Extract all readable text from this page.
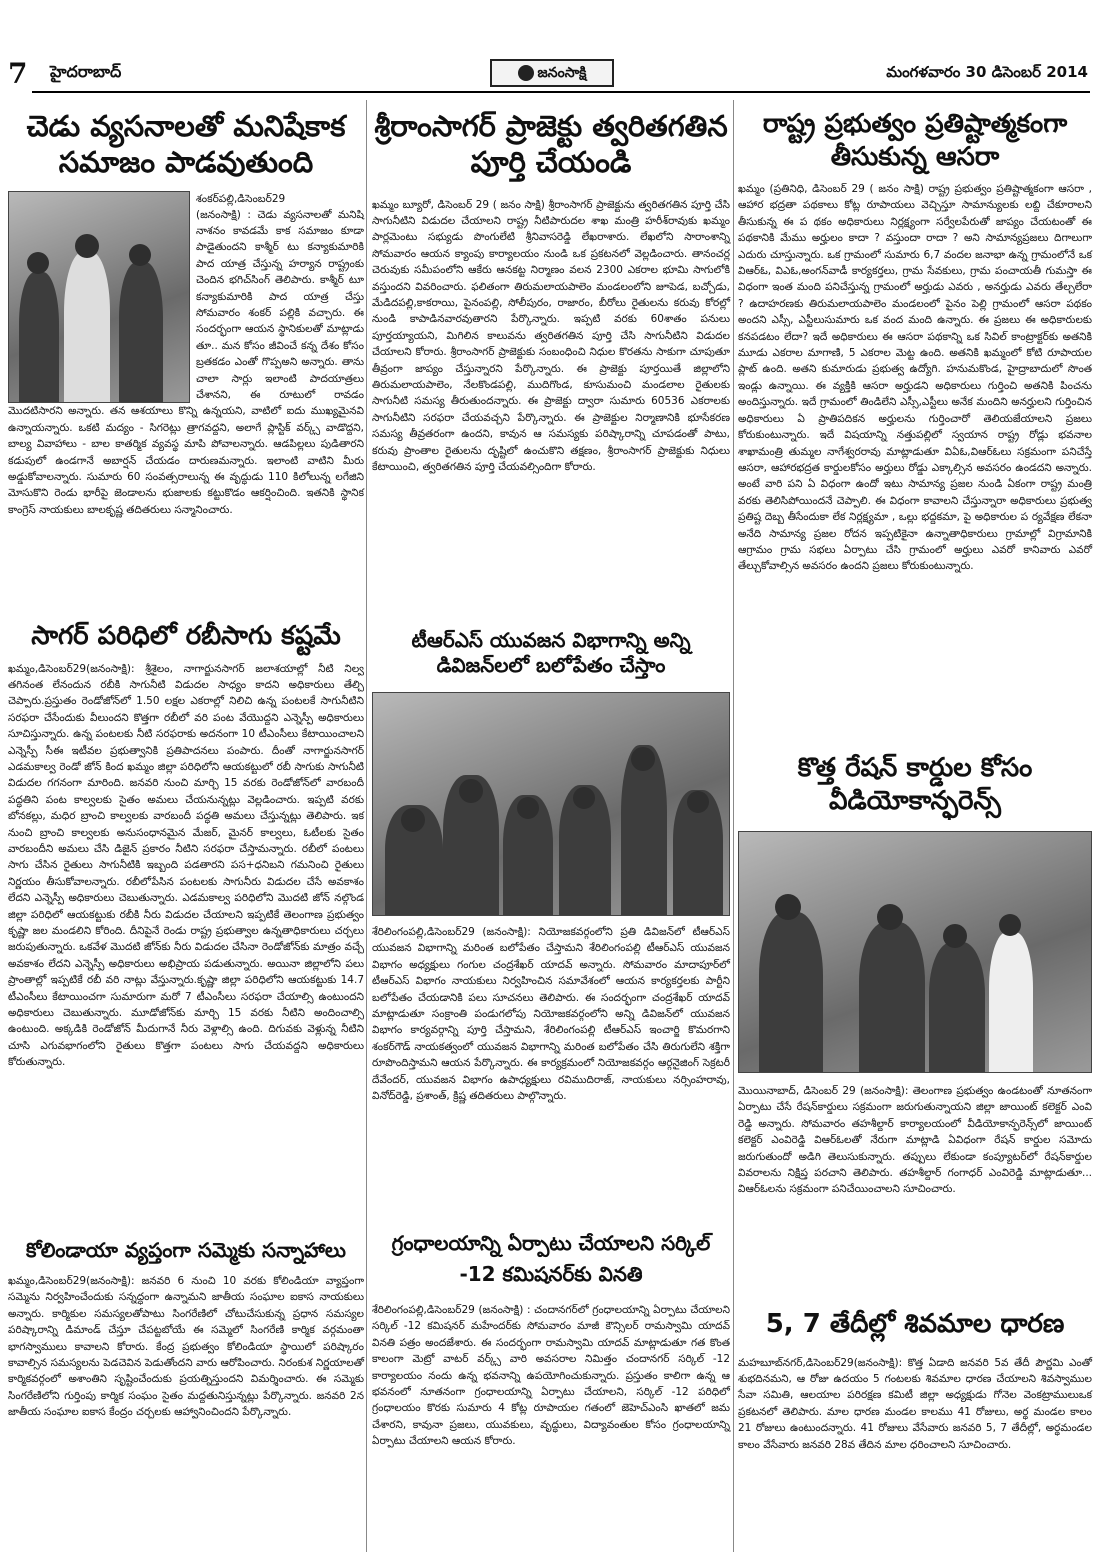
7 హైదరాబాద్	జనంసాక్షి	మంగళవారం 30 డిసెంబర్ 2014
చెడు వ్యసనాలతో మనిషేకాక సమాజం పాడవుతుంది

శంకర్‌పల్లి,డిసెంబర్29

(జనంసాక్షి) : చెడు వ్యసనాలతో మనిషి నాశనం కావడమే కాక సమాజం కూడా పాడైతుందని కాశ్మీర్ టు కన్యాకుమారికి పాద యాత్ర చేస్తున్న హర్యాన రాష్ట్రంకు చెందిన భగిచ్‌సింగ్ తెలిపారు. కాశ్మీర్ టూ కన్యాకుమారికి పాద యాత్ర చేస్తు సోమవారం శంకర్ పల్లికి వచ్చారు. ఈ సందర్భంగా ఆయన స్థానికులతో మాట్లాడు తూ.. మన కోసం జీవించే కన్న దేశం కోసం బ్రతకడం ఎంతో గొప్పఅని అన్నారు. తాను చాలా సార్లు ఇలాంటి పాదయాత్రలు చేశానని, ఈ రూటులో రావడం మొదటిసారని అన్నారు. తన ఆశయాలు కొన్ని ఉన్నయని, వాటిలో ఐదు ముఖ్యమైనవి ఉన్నాయన్నారు. ఒకటి మద్యం - సిగరెట్లు త్రాగవద్దని, అలాగే ప్లాస్టిక్ వర్క్స్ వాడొద్దని, బాల్య వివాహాలు - బాల కాతర్మిక వ్యవస్థ మాపి పోవాలన్నారు. ఆడపిల్లలు పుడితారని కడుపులో ఉండగానే అబార్షన్ చేయడం దారుణమన్నారు. ఇలాంటి వాటిని మీరు అడ్డుకోవాలన్నారు. సుమారు 60 సంవత్సరాలున్న ఈ వృద్ధుడు 110 కిలోలున్న లగేజిని మోసుకొని రెండు భారీపై జెండాలను భుజాలకు కట్టుకొడం ఆకర్షించింది. ఇతనికి స్థానిక కాంగ్రెస్ నాయకులు బాలకృష్ణ తదితరులు సన్మానించారు.

సాగర్ పరిధిలో రబీసాగు కష్టమే

ఖమ్మం,డిసెంబర్29(జనంసాక్షి): శ్రీశైలం, నాగార్జునసాగర్ జలాశయాల్లో నీటి నిల్వ తగినంత లేనందున రబీకి సాగునీటి విడుదల సాధ్యం కాదని అధికారులు తేల్చి చెప్పారు.ప్రస్తుతం రెండోజోన్‌లో 1.50 లక్షల ఎకరాల్లో నిలిచి ఉన్న పంటలకే సాగునీటిని సరఫరా చేసేందుకు వీలుందని కొత్తగా రబీలో వరి పంట వేయొద్దని ఎన్నెస్పీ అధికారులు సూచిస్తున్నారు. ఉన్న పంటలకు నీటి సరఫరాకు అదనంగా 10 టీఎంసీలు కేటాయించాలని ఎన్నెస్పీ సీఈ ఇటీవల ప్రభుత్వానికి ప్రతిపాదనలు పంపారు. దీంతో నాగార్జునసాగర్ ఎడమకాల్వ రెండో జోన్ కింద ఖమ్మం జిల్లా పరిధిలోని ఆయకట్టులో రబీ సాగుకు సాగునీటి విడుదల గగనంగా మారింది. జనవరి నుంచి మార్చి 15 వరకు రెండోజోన్‌లో వారబందీ పద్ధతిని పంట కాల్వలకు సైతం అమలు చేయనున్నట్లు వెల్లడించారు. ఇప్పటి వరకు బోనకల్లు, మధిర బ్రాంచి కాల్వలకు వారబందీ పద్ధతి అమలు చేస్తున్నట్లు తెలిపారు. ఇక నుంచి బ్రాంచి కాల్వలకు అనుసంధానమైన మేజర్, మైనర్ కాల్వలు, ఓటీలకు సైతం వారబందీని అమలు చేసి డిజైన్ ప్రకారం నీటిని సరఫరా చేస్తామన్నారు. రబీలో పంటలు సాగు చేసిన రైతులు సాగునీటికి ఇబ్బంది పడతారని పస+ధనిబని గమనించి రైతులు నిర్ణయం తీసుకోవాలన్నారు. రబీలోపేసిన పంటలకు సాగునీరు విడుదల చేసే అవకాశం లేదని ఎన్నెస్పీ అధికారులు చెబుతున్నారు. ఎడమకాల్వ పరిధిలోని మొదటి జోన్ నల్గొండ జిల్లా పరిధిలో ఆయకట్టుకు రబీకి నీరు విడుదల చేయాలని ఇప్పటికే తెలంగాణ ప్రభుత్వం కృష్ణా జల మండలిని కోరింది. దీనిపైనే రెండు రాష్ట్ర ప్రభుత్వాల ఉన్నతాధికారులు చర్చలు జరుపుతున్నారు. ఒకవేళ మొదటి జోన్‌కు నీరు విడుదల చేసినా రెండోజోన్‌కు మాత్రం వచ్చే అవకాశం లేదని ఎన్నెస్పీ అధికారులు అభిప్రాయ పడుతున్నారు. అయినా జిల్లాలోని పలు ప్రాంతాల్లో ఇప్పటికే రబీ వరి నాట్లు వేస్తున్నారు.కృష్ణా జిల్లా పరిధిలోని ఆయకట్టుకు 14.7 టీఎంసీలు కేటాయించగా సుమారుగా మరో 7 టీఎంసీలు సరఫరా చేయాల్సి ఉంటుందని అధికారులు చెబుతున్నారు. మూడోజోన్‌కు మార్చి 15 వరకు నీటిని అందించాల్సి ఉంటుంది. అక్కడికి రెండోజోన్ మీదుగానే నీరు వెళ్లాల్సి ఉంది. దిగువకు వెళ్లున్న నీటిని చూసి ఎగువభాగంలోని రైతులు కొత్తగా పంటలు సాగు చేయవద్దని అధికారులు కోరుతున్నారు.

కోలిండాయా వ్యప్తంగా సమ్మెకు సన్నాహాలు

ఖమ్మం,డిసెంబర్29(జనంసాక్షి): జనవరి 6 నుంచి 10 వరకు కోలిండియా వ్యాప్తంగా సమ్మెను నిర్వహించేందుకు సన్నద్ధంగా ఉన్నామని జాతీయ సంఘాల ఐకాస నాయకులు అన్నారు. కార్మికుల సమస్యలతోపాటు సింగరేణిలో చోటుచేసుకున్న ప్రధాన సమస్యల పరిష్కారాన్ని డిమాండ్ చేస్తూ చేపట్టబోయే ఈ సమ్మెలో సింగరేణి కార్మిక వర్గమంతా భాగస్వాములు కావాలని కోరారు. కేంద్ర ప్రభుత్వం కోలిండియా స్థాయిలో పరిష్కారం కావాల్సిన సమస్యలను పెడచెవిన పెడుతోందని వారు ఆరోపించారు. నిరంకుశ నిర్ణయాలతో కార్మికవర్గంలో అశాంతిని సృష్టించేందుకు ప్రయత్నిస్తుందని విమర్శించారు. ఈ సమ్మెకు సింగరేణిలోని గుర్తింపు కార్మిక సంఘం సైతం మద్దతునిస్తున్నట్లు పేర్కొన్నారు. జనవరి 2న జాతీయ సంఘాల ఐకాస కేంద్రం చర్చలకు ఆహ్వానించిందని పేర్కొన్నారు.

శ్రీరాంసాగర్ ప్రాజెక్టు త్వరితగతిన పూర్తి చేయండి

ఖమ్మం బ్యూరో, డిసెంబర్ 29 ( జనం సాక్షి) శ్రీరాంసాగర్ ప్రాజెక్టును త్వరితగతిన పూర్తి చేసి సాగునీటిని విడుదల చేయాలని రాష్ట్ర నీటిపారుదల శాఖ మంత్రి హరీశ్‌రావుకు ఖమ్మం పార్లమెంటు సభ్యుడు పొంగులేటి శ్రీనివాసరెడ్డి లేఖరాశారు. లేఖలోని సారాంశాన్ని సోమవారం ఆయన క్యాంపు కార్యాలయం నుండి ఒక ప్రకటనలో వెల్లడించారు. తానంచర్ల చెరువుకు సమీపంలోని ఆకేరు ఆనకట్ట నిర్మాణం వలన 2300 ఎకరాల భూమి సాగులోకి వస్తుందని వివరించారు. ఫలితంగా తిరుమలాయపాలెం మండలంలోని జూపెడ, బచ్చోడు, మేడిదపల్లి,కాకరాయి, పైనంపల్లి, సోలీపురం, రాజారం, బీరోలు రైతులను కరువు కోరల్లో నుండి కాపాడినవారవుతారని పేర్కొన్నారు. ఇప్పటి వరకు 60శాతం పనులు పూర్తయ్యాయని, మిగిలిన కాలువను త్వరితగతిన పూర్తి చేసి సాగునీటిని విడుదల చేయాలని కోరారు. శ్రీరాంసాగర్ ప్రాజెక్టుకు సంబంధించి నిధుల కొరతను సాకుగా చూపుతూ తీవ్రంగా జాప్యం చేస్తున్నారని పేర్కొన్నారు. ఈ ప్రాజెక్టు పూర్తయితే జిల్లాలోని తిరుమలాయపాలెం, నేలకొండపల్లి, ముదిగొండ, కూసుమంచి మండలాల రైతులకు సాగునీటి సమస్య తీరుతుందన్నారు. ఈ ప్రాజెక్టు ద్వారా సుమారు 60536 ఎకరాలకు సాగునీటిని సరఫరా చేయవచ్చని పేర్కొన్నారు. ఈ ప్రాజెక్టుల నిర్మాణానికి భూసేకరణ సమస్య తీవ్రతరంగా ఉందని, కావున ఆ సమస్యకు పరిష్కారాన్ని చూపడంతో పాటు, కరువు ప్రాంతాల రైతులను దృష్టిలో ఉంచుకొని తక్షణం, శ్రీరాంసాగర్ ప్రాజెక్టుకు నిధులు కేటాయించి, త్వరితగతిన పూర్తి చేయవల్సిందిగా కోరారు.

టీఆర్ఎస్ యువజన విభాగాన్ని అన్ని డివిజన్‌లలో బలోపేతం చేస్తాం

శేరిలింగంపల్లి,డిసెంబర్29 (జనంసాక్షి): నియోజకవర్గంలోని ప్రతి డివిజన్‌లో టీఆర్ఎస్ యువజన విభాగాన్ని మరింత బలోపేతం చేస్తామని శేరిలింగంపల్లి టీఆర్ఎస్ యువజన విభాగం అధ్యక్షులు గంగుల చంద్రశేఖర్ యాదవ్ అన్నారు. సోమవారం మాదాపూర్‌లో టీఆర్ఎస్ విభాగం నాయకులు నిర్వహించిన సమావేశంలో ఆయన కార్యకర్తలకు పార్టీని బలోపేతం చేయడానికి పలు సూచనలు తెలిపారు. ఈ సందర్భంగా చంద్రశేఖర్ యాదవ్ మాట్లాడుతూ సంక్రాంతి పండుగలోపు నియోజకవర్గంలోని అన్ని డివిజన్‌లో యువజన విభాగం కార్యవర్గాన్ని పూర్తి చేస్తామని, శేరిలింగంపల్లి టీఆర్ఎస్ ఇంచార్జి కొమరగాని శంకర్‌గౌడ్ నాయకత్వంలో యువజన విభాగాన్ని మరింత బలోపేతం చేసి తిరుగులేని శక్తిగా రూపొందిస్తామని ఆయన పేర్కొన్నారు. ఈ కార్యక్రమంలో నియోజకవర్గం ఆర్గనైజింగ్ సెక్రటరీ దేవేందర్, యువజన విభాగం ఉపాధ్యక్షులు రవిముదిరాజ్, నాయకులు నర్సింహరావు, వినోద్‌రెడ్డి, ప్రశాంత్, క్రిష్ణ తదితరులు పాల్గొన్నారు.

గ్రంధాలయాన్ని ఏర్పాటు చేయాలని సర్కిల్ -12 కమిషనర్‌కు వినతి

శేరిలింగంపల్లి,డిసెంబర్29 (జనంసాక్షి) : చందానగర్‌లో గ్రంధాలయాన్ని ఏర్పాటు చేయాలని సర్కిల్ -12 కమిషనర్ మహేందర్‌కు సోమవారం మాజీ కౌన్సిలర్ రామస్వామి యాదవ్ వినతి పత్రం అందజేశారు. ఈ సందర్భంగా రామస్వామి యాదవ్ మాట్లాడుతూ గత కొంత కాలంగా మెట్రో వాటర్ వర్క్స్ వారి అవసరాల నిమిత్తం చందానగర్ సర్కిల్ -12 కార్యాలయం నందు ఉన్న భవనాన్ని ఉపయోగించుకున్నారు. ప్రస్తుతం కాలిగా ఉన్న ఆ భవనంలో నూతనంగా గ్రంధాలయాన్ని ఏర్పాటు చేయాలని, సర్కిల్ -12 పరిధిలో గ్రంధాలయం కొరకు సుమారు 4 కోట్ల రూపాయల గతంలో జెహెచ్ఎంసి ఖాతలో జమ చేశారని, కావునా ప్రజలు, యువకులు, వృద్ధులు, విద్యావంతుల కోసం గ్రంధాలయాన్ని ఏర్పాటు చేయాలని ఆయన కోరారు.

రాష్ట్ర ప్రభుత్వం ప్రతిష్టాత్మకంగా తీసుకున్న ఆసరా

ఖమ్మం (ప్రతినిధి, డిసెంబర్ 29 ( జనం సాక్షి) రాష్ట్ర ప్రభుత్వం ప్రతిష్టాత్మకంగా ఆసరా , ఆహార భద్రతా పథకాలు కోట్ల రూపాయలు వెచ్చిస్తూ సామాన్యులకు లబ్ది చేకూరాలని తీసుకున్న ఈ ప థకం అధికారులు నిర్లక్ష్యంగా సర్వేలపేరుతో జాప్యం చేయటంతో ఈ పథకానికి మేము అర్హులం కాదా ? వస్తుందా రాదా ? అని సామాన్యప్రజలు దిగాలుగా ఎదురు చూస్తున్నారు. ఒక గ్రామంలో సుమారు 6,7 వందల జనాభా ఉన్న గ్రామంలోనే ఒక విఆర్ఓ, విఎఓ,అంగన్‌వాడీ కార్యకర్తలు, గ్రామ సేవకులు, గ్రామ పంచాయతీ గుమస్తా ఈ విధంగా ఇంత మంది పనిచేస్తున్న గ్రామంలో అర్హుడు ఎవరు , అనర్హుడు ఎవరు తేల్చలేరా ? ఉదాహరణకు తిరుమలాయపాలెం మండలంలో పైనం పెల్లి గ్రామంలో ఆసరా పథకం అందని ఎస్సీ, ఎస్టీలుసుమారు ఒక వంద మంది ఉన్నారు. ఈ ప్రజలు ఈ అధికారులకు కనపడటం లేదా? ఇదే అధికారులు ఈ ఆసరా పథకాన్ని ఒక సివిల్ కాంట్రాక్టర్‌కు అతనికి మూడు ఎకరాల మాగాణి, 5 ఎకరాల మెట్ట ఉంది. అతనికి ఖమ్మంలో కోటి రూపాయల ప్లాట్ ఉంది. అతని కుమారుడు ప్రభుత్వ ఉద్యోగి. హనుమకొండ, హైద్రాబాదులో సొంత ఇండ్లు ఉన్నాయి. ఈ వ్యక్తికి ఆసరా అర్హుడని అధికారులు గుర్తించి అతనికి పించను అందిస్తున్నారు. ఇదే గ్రామంలో తిండిలేని ఎస్సీ,ఎస్టీలు అనేక మందిని అనర్హులని గుర్తించిన అధికారులు ఏ ప్రాతిపదికన అర్హులను గుర్తించారో తెలియజేయాలని ప్రజలు కోరుకుంటున్నారు. ఇదే విషయాన్ని నత్తుపల్లిలో స్వయాన రాష్ట్ర రోడ్లు భవనాల శాఖామంత్రి తుమ్మల నాగేశ్వరరావు మాట్లాడుతూ విఏఓ,విఆర్ఓలు సక్రమంగా పనిచేస్తే ఆసరా, ఆహారభద్రత కార్డులకోసం అర్హులు రోడ్డు ఎక్కాల్సిన అవసరం ఉండదని అన్నారు. అంటే వారి పని ఏ విధంగా ఉందో ఇటు సామాన్య ప్రజల నుండి ఏకంగా రాష్ట్ర మంత్రి వరకు తెలిసిపోయిందనే చెప్పాలి. ఈ విధంగా కావాలని చేస్తున్నారా అధికారులు ప్రభుత్వ ప్రతిష్ట దెబ్బ తీసేందుకా లేక నిర్లక్ష్యమా , ఒల్లు భద్దకమా, పై అధికారుల ప ర్యవేక్షణ లేకనా అనేది సామాన్య ప్రజల రోదన ఇప్పటికైనా ఉన్నాతాధికారులు గ్రామాల్లో విగ్రామానికి ఆగ్రామం గ్రామ సభలు ఏర్పాటు చేసి గ్రామంలో అర్హులు ఎవరో కానివారు ఎవరో తేల్చుకోవాల్సిన అవసరం ఉందని ప్రజలు కోరుకుంటున్నారు.

కొత్త రేషన్ కార్డుల కోసం వీడియోకాన్ఫరెన్స్

మొయినాబాద్, డిసెంబర్ 29 (జనంసాక్షి): తెలంగాణ ప్రభుత్వం ఉండటంతో నూతనంగా ఏర్పాటు చేసే రేషన్‌కార్డులు సక్రమంగా జరుగుతున్నాయని జిల్లా జాయింట్ కలెక్టర్ ఎంవి రెడ్డి అన్నారు. సోమవారం తహశీల్దార్ కార్యాలయంలో వీడియోకాన్ఫరెన్స్‌లో జాయింట్ కలెక్టర్ ఎంవిరెడ్డి విఆర్ఓలతో నేరుగా మాట్లాడి ఏవిధంగా రేషన్ కార్డుల సమోదు జరుగుతుందో అడిగి తెలుసుకున్నారు. తప్పులు లేకుండా కంప్యూటర్‌లో రేషన్‌కార్డుల వివరాలను నిక్షిప్త పరచాని తెలిపారు. తహశీల్దార్ గంగాధర్ ఎంవిరెడ్డి మాట్లాడుతూ... విఆర్ఓలను సక్రమంగా పనిచేయించాలని సూచించారు.

5, 7 తేదీల్లో శివమాల ధారణ

మహబూబ్‌నగర్,డిసెంబర్29(జనంసాక్షి): కొత్త ఏడాది జనవరి 5వ తేదీ పౌర్ణమి ఎంతో శుభదినమని, ఆ రోజు ఉదయం 5 గంటలకు శివమాల ధారణ చేయాలని శివస్వాముల సేవా సమితి, ఆలయాల పరిరక్షణ కమిటీ జిల్లా అధ్యక్షుడు గోనెల వెంకట్రాములుఒక ప్రకటనలో తెలిపారు. మాల ధారణ మండల కాలము 41 రోజులు, అర్థ మండల కాలం 21 రోజులు ఉంటుందన్నారు. 41 రోజులు వేసేవారు జనవరి 5, 7 తేదీల్లో, అర్థమండల కాలం వేసేవారు జనవరి 28వ తేదిన మాల ధరించాలని సూచించారు.
